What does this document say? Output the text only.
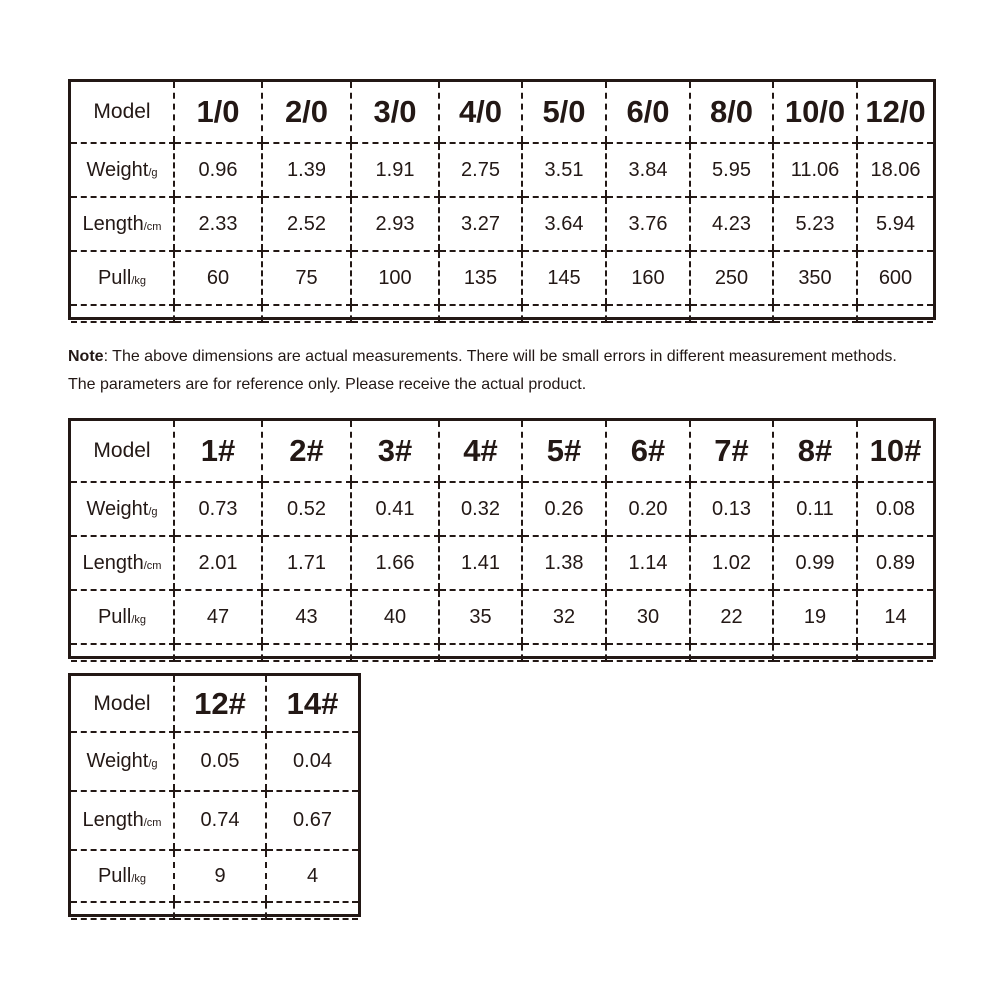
Model	1/0	2/0	3/0	4/0	5/0	6/0	8/0	10/0	12/0
Weight/g	0.96	1.39	1.91	2.75	3.51	3.84	5.95	11.06	18.06
Length/cm	2.33	2.52	2.93	3.27	3.64	3.76	4.23	5.23	5.94
Pull/kg	60	75	100	135	145	160	250	350	600

Note: The above dimensions are actual measurements. There will be small errors in different measurement methods.
The parameters are for reference only. Please receive the actual product.
Model	1#	2#	3#	4#	5#	6#	7#	8#	10#
Weight/g	0.73	0.52	0.41	0.32	0.26	0.20	0.13	0.11	0.08
Length/cm	2.01	1.71	1.66	1.41	1.38	1.14	1.02	0.99	0.89
Pull/kg	47	43	40	35	32	30	22	19	14

Model	12#	14#
Weight/g	0.05	0.04
Length/cm	0.74	0.67
Pull/kg	9	4
